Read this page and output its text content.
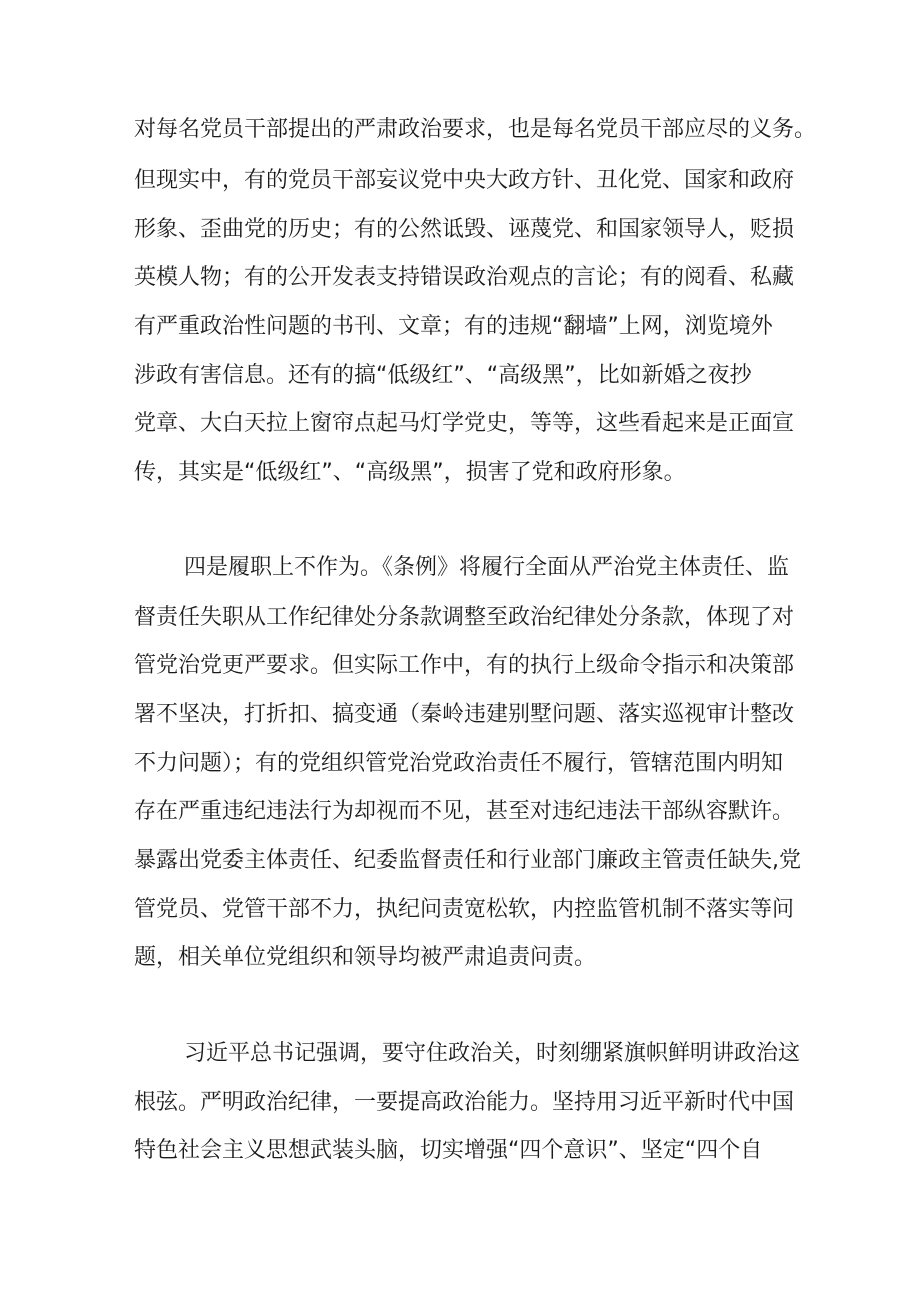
对每名党员干部提出的严肃政治要求，也是每名党员干部应尽的义务。
但现实中，有的党员干部妄议党中央大政方针、丑化党、国家和政府
形象、歪曲党的历史；有的公然诋毁、诬蔑党、和国家领导人，贬损
英模人物；有的公开发表支持错误政治观点的言论；有的阅看、私藏
有严重政治性问题的书刊、文章；有的违规“翻墙”上网，浏览境外
涉政有害信息。还有的搞“低级红”、“高级黑”，比如新婚之夜抄
党章、大白天拉上窗帘点起马灯学党史，等等，这些看起来是正面宣
传，其实是“低级红”、“高级黑”，损害了党和政府形象。
四是履职上不作为。《条例》将履行全面从严治党主体责任、监
督责任失职从工作纪律处分条款调整至政治纪律处分条款，体现了对
管党治党更严要求。但实际工作中，有的执行上级命令指示和决策部
署不坚决，打折扣、搞变通（秦岭违建别墅问题、落实巡视审计整改
不力问题）；有的党组织管党治党政治责任不履行，管辖范围内明知
存在严重违纪违法行为却视而不见，甚至对违纪违法干部纵容默许。
暴露出党委主体责任、纪委监督责任和行业部门廉政主管责任缺失,党
管党员、党管干部不力，执纪问责宽松软，内控监管机制不落实等问
题，相关单位党组织和领导均被严肃追责问责。
习近平总书记强调，要守住政治关，时刻绷紧旗帜鲜明讲政治这
根弦。严明政治纪律，一要提高政治能力。坚持用习近平新时代中国
特色社会主义思想武装头脑，切实增强“四个意识”、坚定“四个自
